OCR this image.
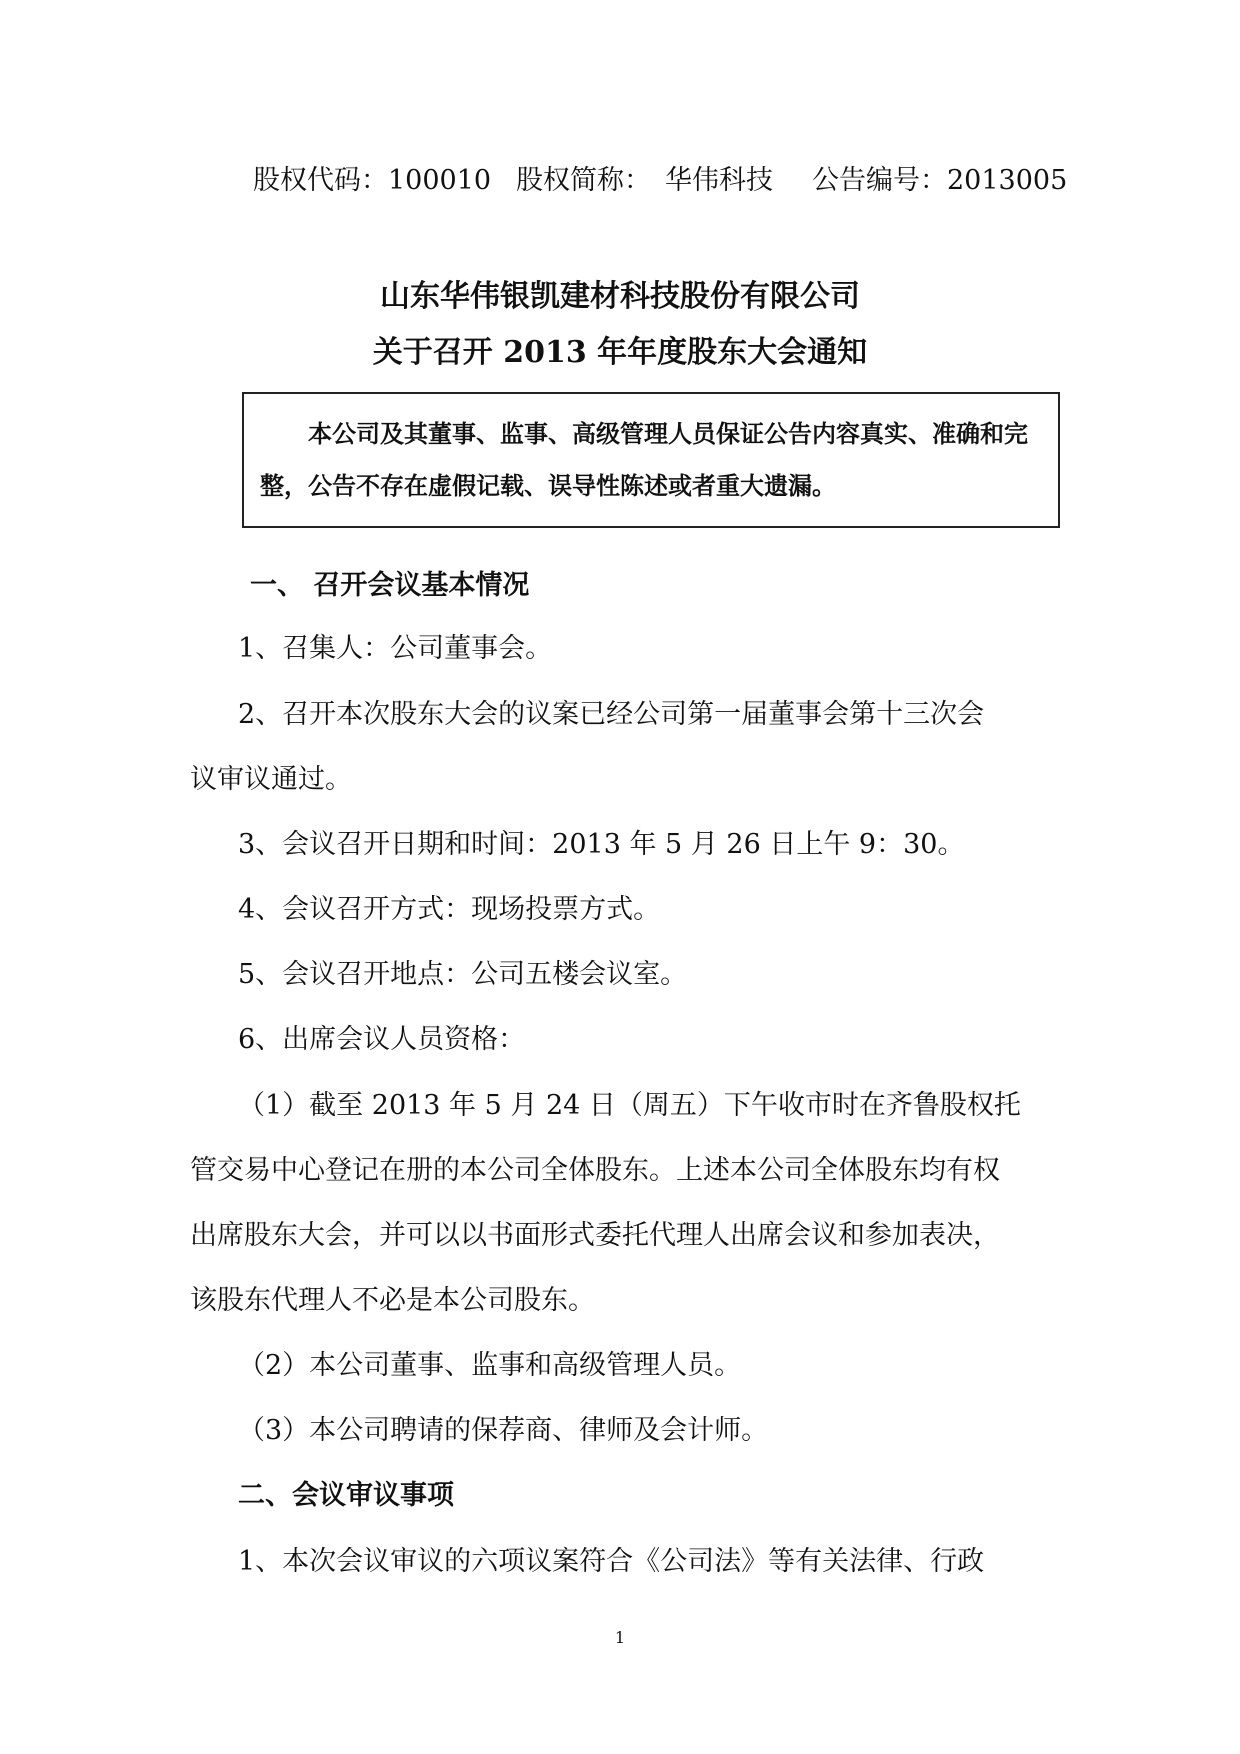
股权代码：100010 股权简称： 华伟科技 公告编号：2013005
山东华伟银凯建材科技股份有限公司
关于召开 2013 年年度股东大会通知
本公司及其董事、监事、高级管理人员保证公告内容真实、准确和完
整，公告不存在虚假记载、误导性陈述或者重大遗漏。
一、 召开会议基本情况
1、召集人：公司董事会。
2、召开本次股东大会的议案已经公司第一届董事会第十三次会
议审议通过。
3、会议召开日期和时间：2013 年 5 月 26 日上午 9：30。
4、会议召开方式：现场投票方式。
5、会议召开地点：公司五楼会议室。
6、出席会议人员资格：
（1）截至 2013 年 5 月 24 日（周五）下午收市时在齐鲁股权托
管交易中心登记在册的本公司全体股东。上述本公司全体股东均有权
出席股东大会，并可以以书面形式委托代理人出席会议和参加表决，
该股东代理人不必是本公司股东。
（2）本公司董事、监事和高级管理人员。
（3）本公司聘请的保荐商、律师及会计师。
二、会议审议事项
1、本次会议审议的六项议案符合《公司法》等有关法律、行政
1
